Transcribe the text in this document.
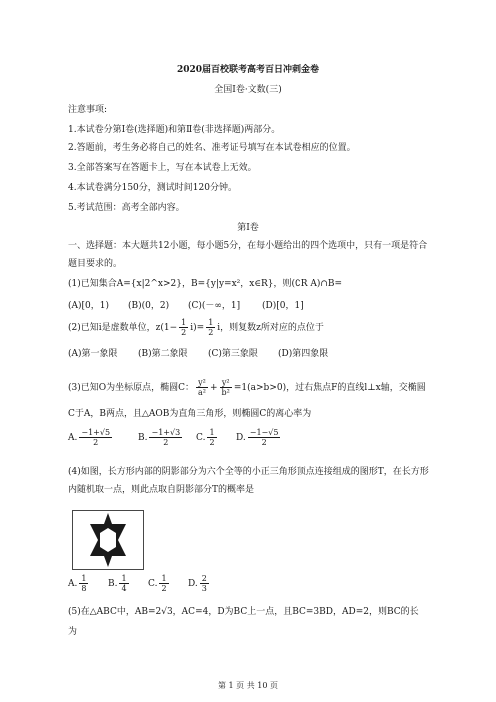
2020届百校联考高考百日冲刺金卷
全国Ⅰ卷·文数(三)
注意事项:
1.本试卷分第Ⅰ卷(选择题)和第Ⅱ卷(非选择题)两部分。
2.答题前，考生务必将自己的姓名、准考证号填写在本试卷相应的位置。
3.全部答案写在答题卡上，写在本试卷上无效。
4.本试卷满分150分，测试时间120分钟。
5.考试范围：高考全部内容。
第Ⅰ卷
一、选择题：本大题共12小题，每小题5分，在每小题给出的四个选项中，只有一项是符合
题目要求的。
(1)已知集合A={x|2^x>2}，B={y|y=x²，x∈R}，则(∁R A)∩B=
(A)[0，1) (B)(0，2) (C)(－∞，1] (D)[0，1]
(2)已知i是虚数单位，$z(1- \frac{1}{2} i)= \frac{1}{2}$ i，则复数z所对应的点位于
(A)第一象限 (B)第二象限 (C)第三象限 (D)第四象限
(3)已知O为坐标原点，椭圆C： $\frac{\text{y²}}{\text{a²}} + \frac{\text{y²}}{\text{b²}} =1(a>b>0)$，过右焦点F的直线l⊥x轴，交椭圆
C于A，B两点，且△AOB为直角三角形，则椭圆C的离心率为
A. $\frac{-1+√5}{2}$	B. $\frac{-1+√3}{2} C$. $\frac{1}{2} D$. $\frac{-1-√5}{2}$
(4)如图，长方形内部的阴影部分为六个全等的小正三角形顶点连接组成的图形T，在长方形
内随机取一点，则此点取自阴影部分T的概率是
A. $\frac{1}{8} B$. $\frac{1}{4} C$. $\frac{1}{2} D$. $\frac{2}{3}$
(5)在△ABC中，AB=2√3，AC=4，D为BC上一点，且BC=3BD，AD=2，则BC的长
为
第 1 页 共 10 页
